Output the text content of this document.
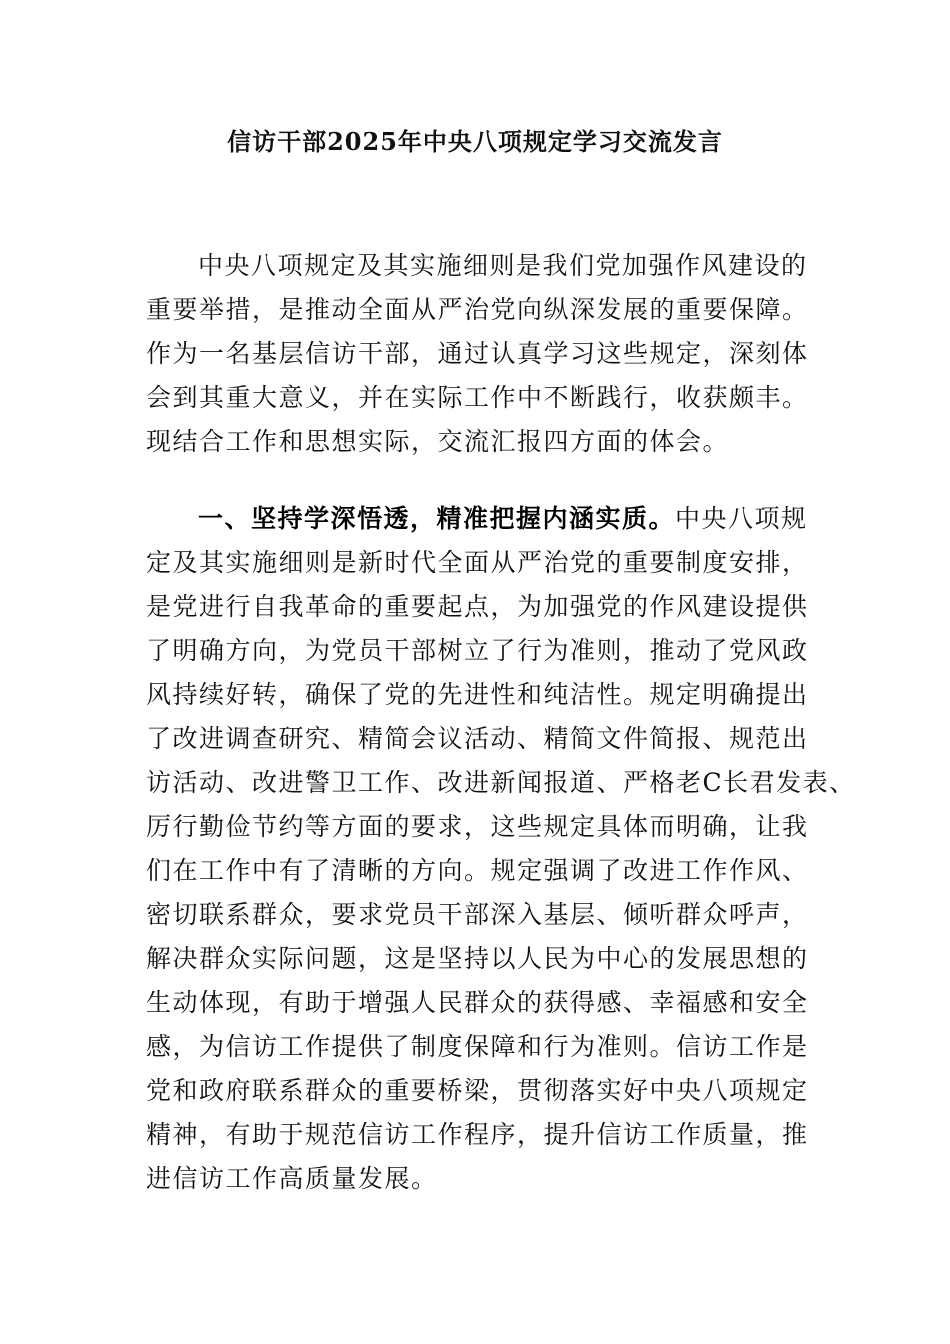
信访干部2025年中央八项规定学习交流发言
中央八项规定及其实施细则是我们党加强作风建设的
重要举措，是推动全面从严治党向纵深发展的重要保障。
作为一名基层信访干部，通过认真学习这些规定，深刻体
会到其重大意义，并在实际工作中不断践行，收获颇丰。
现结合工作和思想实际，交流汇报四方面的体会。
一、坚持学深悟透，精准把握内涵实质。中央八项规
定及其实施细则是新时代全面从严治党的重要制度安排，
是党进行自我革命的重要起点，为加强党的作风建设提供
了明确方向，为党员干部树立了行为准则，推动了党风政
风持续好转，确保了党的先进性和纯洁性。规定明确提出
了改进调查研究、精简会议活动、精简文件简报、规范出
访活动、改进警卫工作、改进新闻报道、严格老C长君发表、
厉行勤俭节约等方面的要求，这些规定具体而明确，让我
们在工作中有了清晰的方向。规定强调了改进工作作风、
密切联系群众，要求党员干部深入基层、倾听群众呼声，
解决群众实际问题，这是坚持以人民为中心的发展思想的
生动体现，有助于增强人民群众的获得感、幸福感和安全
感，为信访工作提供了制度保障和行为准则。信访工作是
党和政府联系群众的重要桥梁，贯彻落实好中央八项规定
精神，有助于规范信访工作程序，提升信访工作质量，推
进信访工作高质量发展。
